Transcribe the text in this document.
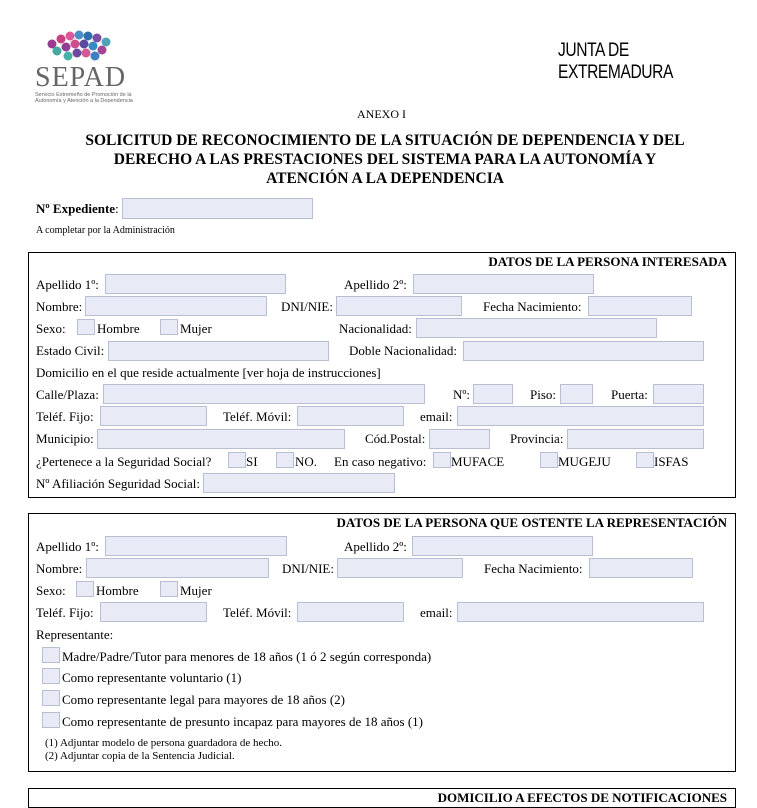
SEPAD
Servicio Extremeño de Promoción de la Autonomía y Atención a la Dependencia
JUNTA DE EXTREMADURA
ANEXO I
SOLICITUD DE RECONOCIMIENTO DE LA SITUACIÓN DE DEPENDENCIA Y DEL
DERECHO A LAS PRESTACIONES DEL SISTEMA PARA LA AUTONOMÍA Y
ATENCIÓN A LA DEPENDENCIA
Nº Expediente:
A completar por la Administración
DATOS DE LA PERSONA INTERESADA
Apellido 1º:	Apellido 2º:
Nombre:	DNI/NIE:	Fecha Nacimiento:
Sexo: Hombre	Mujer	Nacionalidad:
Estado Civil:	Doble Nacionalidad:
Domicilio en el que reside actualmente [ver hoja de instrucciones]
Calle/Plaza:	Nº:	Piso:	Puerta:
Teléf. Fijo:	Teléf. Móvil:	email:
Municipio:	Cód.Postal:	Provincia:
¿Pertenece a la Seguridad Social?	SI	NO. En caso negativo: MUFACE	MUGEJU	ISFAS
Nº Afiliación Seguridad Social:
DATOS DE LA PERSONA QUE OSTENTE LA REPRESENTACIÓN
Apellido 1º:	Apellido 2º:
Nombre:	DNI/NIE:	Fecha Nacimiento:
Sexo: Hombre	Mujer
Teléf. Fijo:	Teléf. Móvil:	email:
Representante:
Madre/Padre/Tutor para menores de 18 años (1 ó 2 según corresponda)
Como representante voluntario (1)
Como representante legal para mayores de 18 años (2)
Como representante de presunto incapaz para mayores de 18 años (1)
(1) Adjuntar modelo de persona guardadora de hecho.
(2) Adjuntar copia de la Sentencia Judicial.
DOMICILIO A EFECTOS DE NOTIFICACIONES
